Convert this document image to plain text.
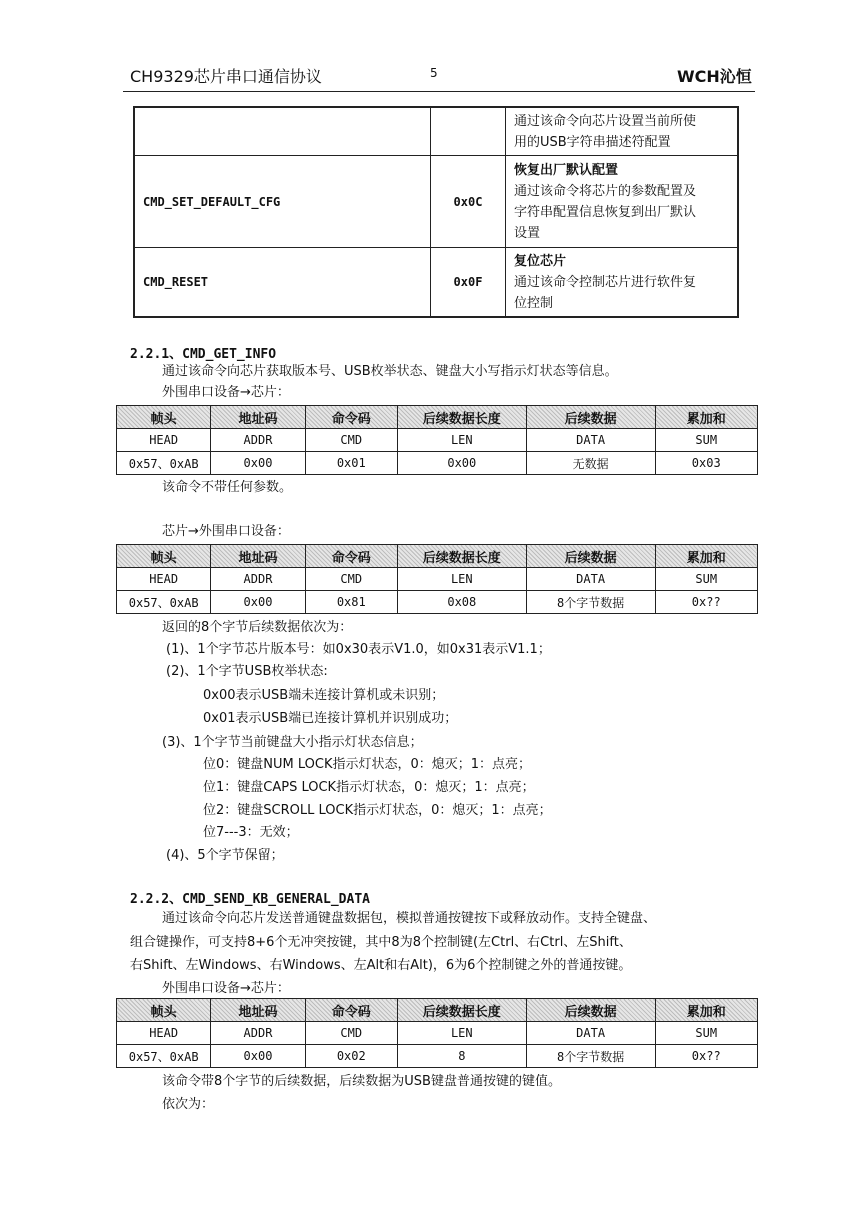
CH9329芯片串口通信协议	5	WCH沁恒

		通过该命令向芯片设置当前所使
用的USB字符串描述符配置

CMD_SET_DEFAULT_CFG	0x0C	恢复出厂默认配置
通过该命令将芯片的参数配置及
字符串配置信息恢复到出厂默认
设置

CMD_RESET	0x0F	复位芯片
通过该命令控制芯片进行软件复
位控制
2.2.1、CMD_GET_INFO
通过该命令向芯片获取版本号、USB枚举状态、键盘大小写指示灯状态等信息。
外围串口设备→芯片：
帧头	地址码	命令码	后续数据长度	后续数据	累加和
HEAD	ADDR	CMD	LEN	DATA	SUM
0x57、0xAB	0x00	0x01	0x00	无数据	0x03
该命令不带任何参数。
芯片→外围串口设备：
帧头	地址码	命令码	后续数据长度	后续数据	累加和
HEAD	ADDR	CMD	LEN	DATA	SUM
0x57、0xAB	0x00	0x81	0x08	8个字节数据	0x??
返回的8个字节后续数据依次为：
(1)、1个字节芯片版本号：如0x30表示V1.0，如0x31表示V1.1；
(2)、1个字节USB枚举状态:
0x00表示USB端未连接计算机或未识别；
0x01表示USB端已连接计算机并识别成功；
(3)、1个字节当前键盘大小指示灯状态信息；
位0：键盘NUM LOCK指示灯状态，0：熄灭；1：点亮；
位1：键盘CAPS LOCK指示灯状态，0：熄灭；1：点亮；
位2：键盘SCROLL LOCK指示灯状态，0：熄灭；1：点亮；
位7---3：无效；
(4)、5个字节保留；
2.2.2、CMD_SEND_KB_GENERAL_DATA
通过该命令向芯片发送普通键盘数据包，模拟普通按键按下或释放动作。支持全键盘、
组合键操作，可支持8+6个无冲突按键，其中8为8个控制键(左Ctrl、右Ctrl、左Shift、
右Shift、左Windows、右Windows、左Alt和右Alt)，6为6个控制键之外的普通按键。
外围串口设备→芯片：
帧头	地址码	命令码	后续数据长度	后续数据	累加和
HEAD	ADDR	CMD	LEN	DATA	SUM
0x57、0xAB	0x00	0x02	8	8个字节数据	0x??
该命令带8个字节的后续数据，后续数据为USB键盘普通按键的键值。
依次为：
